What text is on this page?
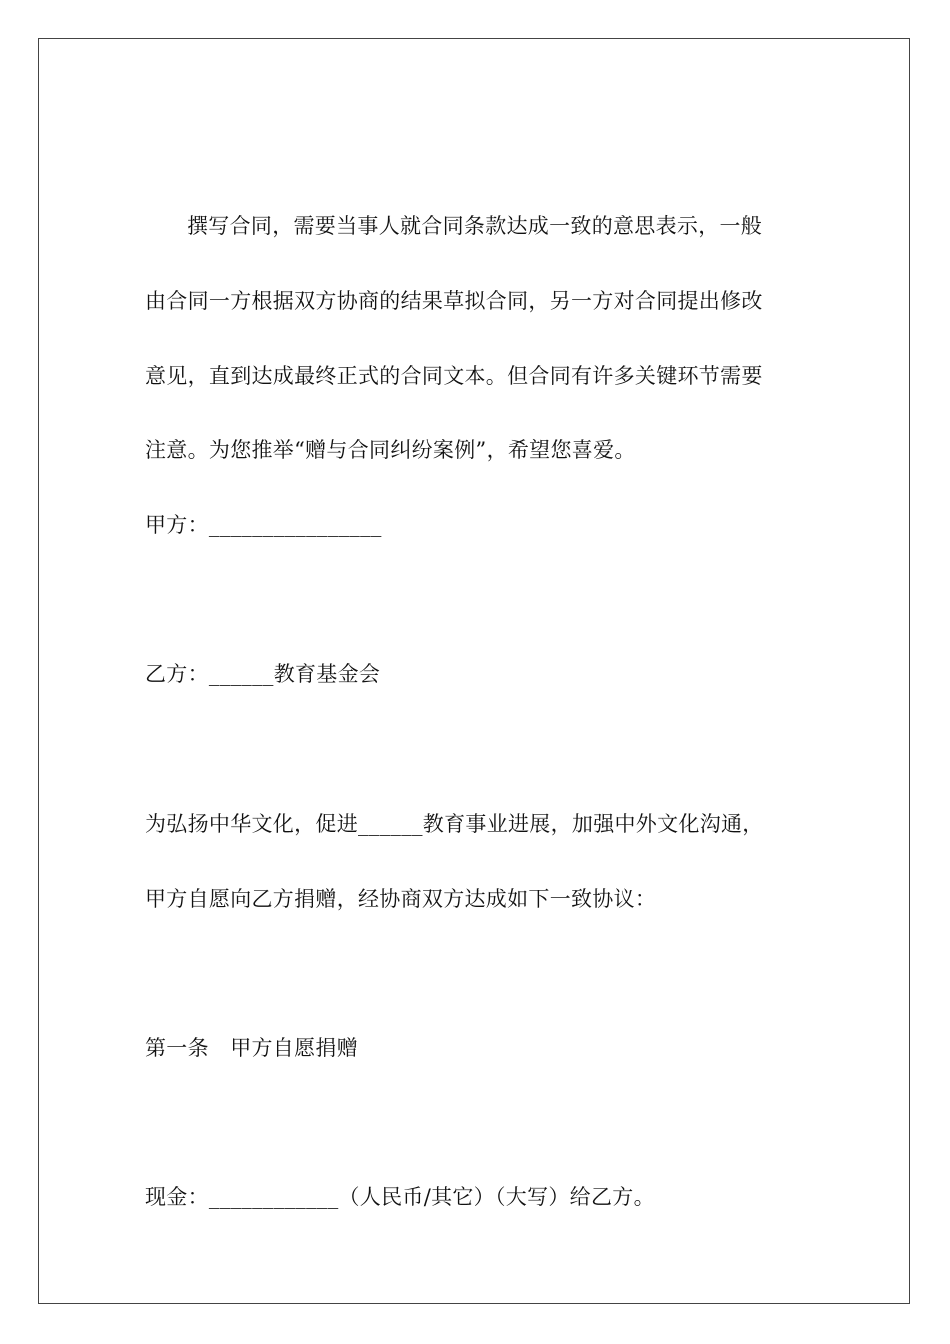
撰写合同，需要当事人就合同条款达成一致的意思表示，一般
由合同一方根据双方协商的结果草拟合同，另一方对合同提出修改
意见，直到达成最终正式的合同文本。但合同有许多关键环节需要
注意。为您推举“赠与合同纠纷案例”，希望您喜爱。
甲方：________________
乙方：______教育基金会
为弘扬中华文化，促进______教育事业进展，加强中外文化沟通，
甲方自愿向乙方捐赠，经协商双方达成如下一致协议：
第一条　甲方自愿捐赠
现金：____________（人民币/其它）（大写）给乙方。
